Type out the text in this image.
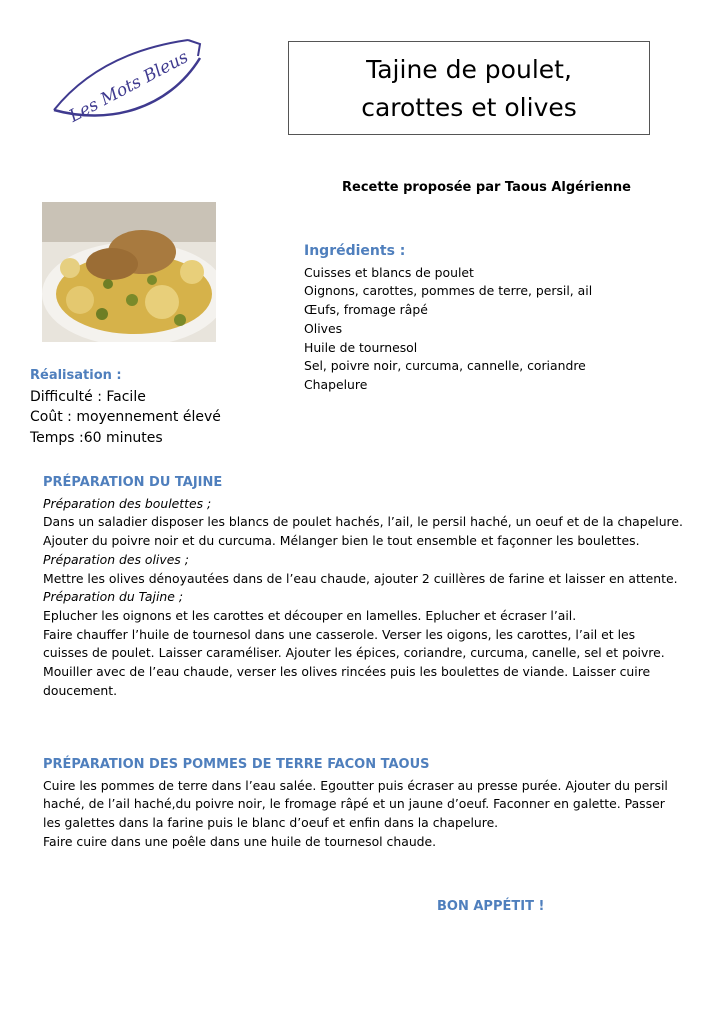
Les Mots Bleus	Tajine de poulet,
carottes et olives
Recette proposée par Taous Algérienne
Ingrédients :
Cuisses et blancs de poulet
Oignons, carottes, pommes de terre, persil, ail
Œufs, fromage râpé
Olives
Huile de tournesol
Sel, poivre noir, curcuma, cannelle, coriandre
Chapelure
Réalisation :
Difficulté : Facile
Coût : moyennement élevé
Temps :60 minutes
PRÉPARATION DU TAJINE

Préparation des boulettes ;

Dans un saladier disposer les blancs de poulet hachés, l’ail, le persil haché, un oeuf et de la chapelure. Ajouter du poivre noir et du curcuma. Mélanger bien le tout ensemble et façonner les boulettes.

Préparation des olives ;

Mettre les olives dénoyautées dans de l’eau chaude, ajouter 2 cuillères de farine et laisser en attente.

Préparation du Tajine ;

Eplucher les oignons et les carottes et découper en lamelles. Eplucher et écraser l’ail.

Faire chauffer l’huile de tournesol dans une casserole. Verser les oigons, les carottes, l’ail et les cuisses de poulet. Laisser caraméliser. Ajouter les épices, coriandre, curcuma, canelle, sel et poivre. Mouiller avec de l’eau chaude, verser les olives rincées puis les boulettes de viande. Laisser cuire doucement.

PRÉPARATION DES POMMES DE TERRE FACON TAOUS

Cuire les pommes de terre dans l’eau salée. Egoutter puis écraser au presse purée. Ajouter du persil haché, de l’ail haché,du poivre noir, le fromage râpé et un jaune d’oeuf. Faconner en galette. Passer les galettes dans la farine puis le blanc d’oeuf et enfin dans la chapelure.

Faire cuire dans une poêle dans une huile de tournesol chaude.

BON APPÉTIT !
